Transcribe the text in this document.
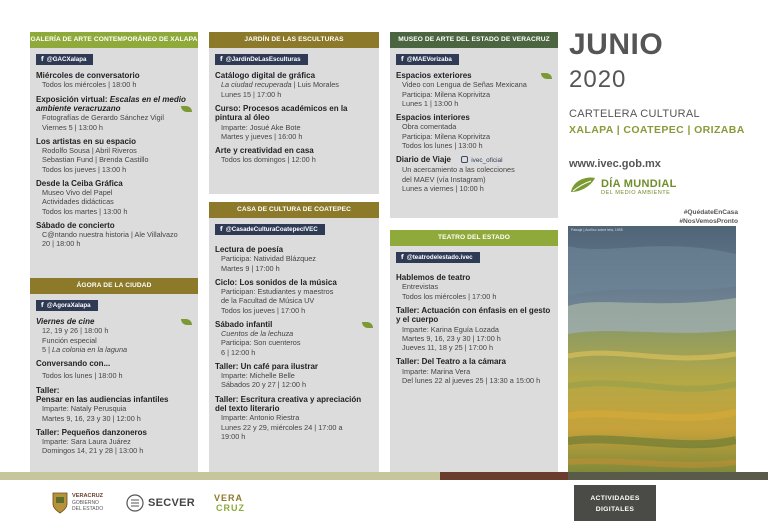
GALERÍA DE ARTE CONTEMPORÁNEO DE XALAPA
f @GACXalapa
Miércoles de conversatorio
Todos los miércoles | 18:00 h
Exposición virtual: Escalas en el medio ambiente veracruzano
Fotografías de Gerardo Sánchez Vigil
Viernes 5 | 13:00 h
Los artistas en su espacio
Rodolfo Sousa | Abril Riveros
Sebastian Fund | Brenda Castillo
Todos los jueves | 13:00 h
Desde la Ceiba Gráfica
Museo Vivo del Papel
Actividades didácticas
Todos los martes | 13:00 h
Sábado de concierto
C@ntando nuestra historia | Ale Villalvazo
20 | 18:00 h
ÁGORA DE LA CIUDAD
f @AgoraXalapa
Viernes de cine
12, 19 y 26 | 18:00 h
Función especial
5 | La colonia en la laguna
Conversando con...
Todos los lunes | 18:00 h
Taller:
Pensar en las audiencias infantiles
Imparte: Nataly Perusquia
Martes 9, 16, 23 y 30 | 12:00 h
Taller: Pequeños danzoneros
Imparte: Sara Laura Juárez
Domingos 14, 21 y 28 | 13:00 h
JARDÍN DE LAS ESCULTURAS
f @JardinDeLasEsculturas
Catálogo digital de gráfica
La ciudad recuperada | Luis Morales
Lunes 15 | 17:00 h
Curso: Procesos académicos en la pintura al óleo
Imparte: Josué Ake Bote
Martes y jueves | 16:00 h
Arte y creatividad en casa
Todos los domingos | 12:00 h
CASA DE CULTURA DE COATEPEC
f @CasadeCulturaCoatepecIVEC
Lectura de poesía
Participa: Natividad Blázquez
Martes 9 | 17:00 h
Ciclo: Los sonidos de la música
Participan: Estudiantes y maestros
de la Facultad de Música UV
Todos los jueves | 17:00 h
Sábado infantil
Cuentos de la lechuza
Participa: Son cuenteros
6 | 12:00 h
Taller: Un café para ilustrar
Imparte: Michelle Belle
Sábados 20 y 27 | 12:00 h
Taller: Escritura creativa y apreciación del texto literario
Imparte: Antonio Riestra
Lunes 22 y 29, miércoles 24 | 17:00 a
19:00 h
MUSEO DE ARTE DEL ESTADO DE VERACRUZ
f @MAEVorizaba
Espacios exteriores
Video con Lengua de Señas Mexicana
Participa: Milena Koprivitza
Lunes 1 | 13:00 h
Espacios interiores
Obra comentada
Participa: Milena Koprivitza
Todos los lunes | 13:00 h
Diario de Viaje	ivec_oficial
Un acercamiento a las colecciones
del MAEV (vía Instagram)
Lunes a viernes | 10:00 h
TEATRO DEL ESTADO
f @teatrodelestado.ivec
Hablemos de teatro
Entrevistas
Todos los miércoles | 17:00 h
Taller: Actuación con énfasis en el gesto y el cuerpo
Imparte: Karina Eguía Lozada
Martes 9, 16, 23 y 30 | 17:00 h
Jueves 11, 18 y 25 | 17:00 h
Taller: Del Teatro a la cámara
Imparte: Marina Vera
Del lunes 22 al jueves 25 | 13:30 a 15:00 h
JUNIO
2020
CARTELERA CULTURAL
XALAPA | COATEPEC | ORIZABA
www.ivec.gob.mx
DÍA MUNDIAL
DEL MEDIO AMBIENTE
#QuédateEnCasa
#NosVemosPronto
Paisaje | Acrílico sobre tela, 1995
VERACRUZ
GOBIERNO
DEL ESTADO	SECVER VERA
CRUZ
ACTIVIDADES
DIGITALES
